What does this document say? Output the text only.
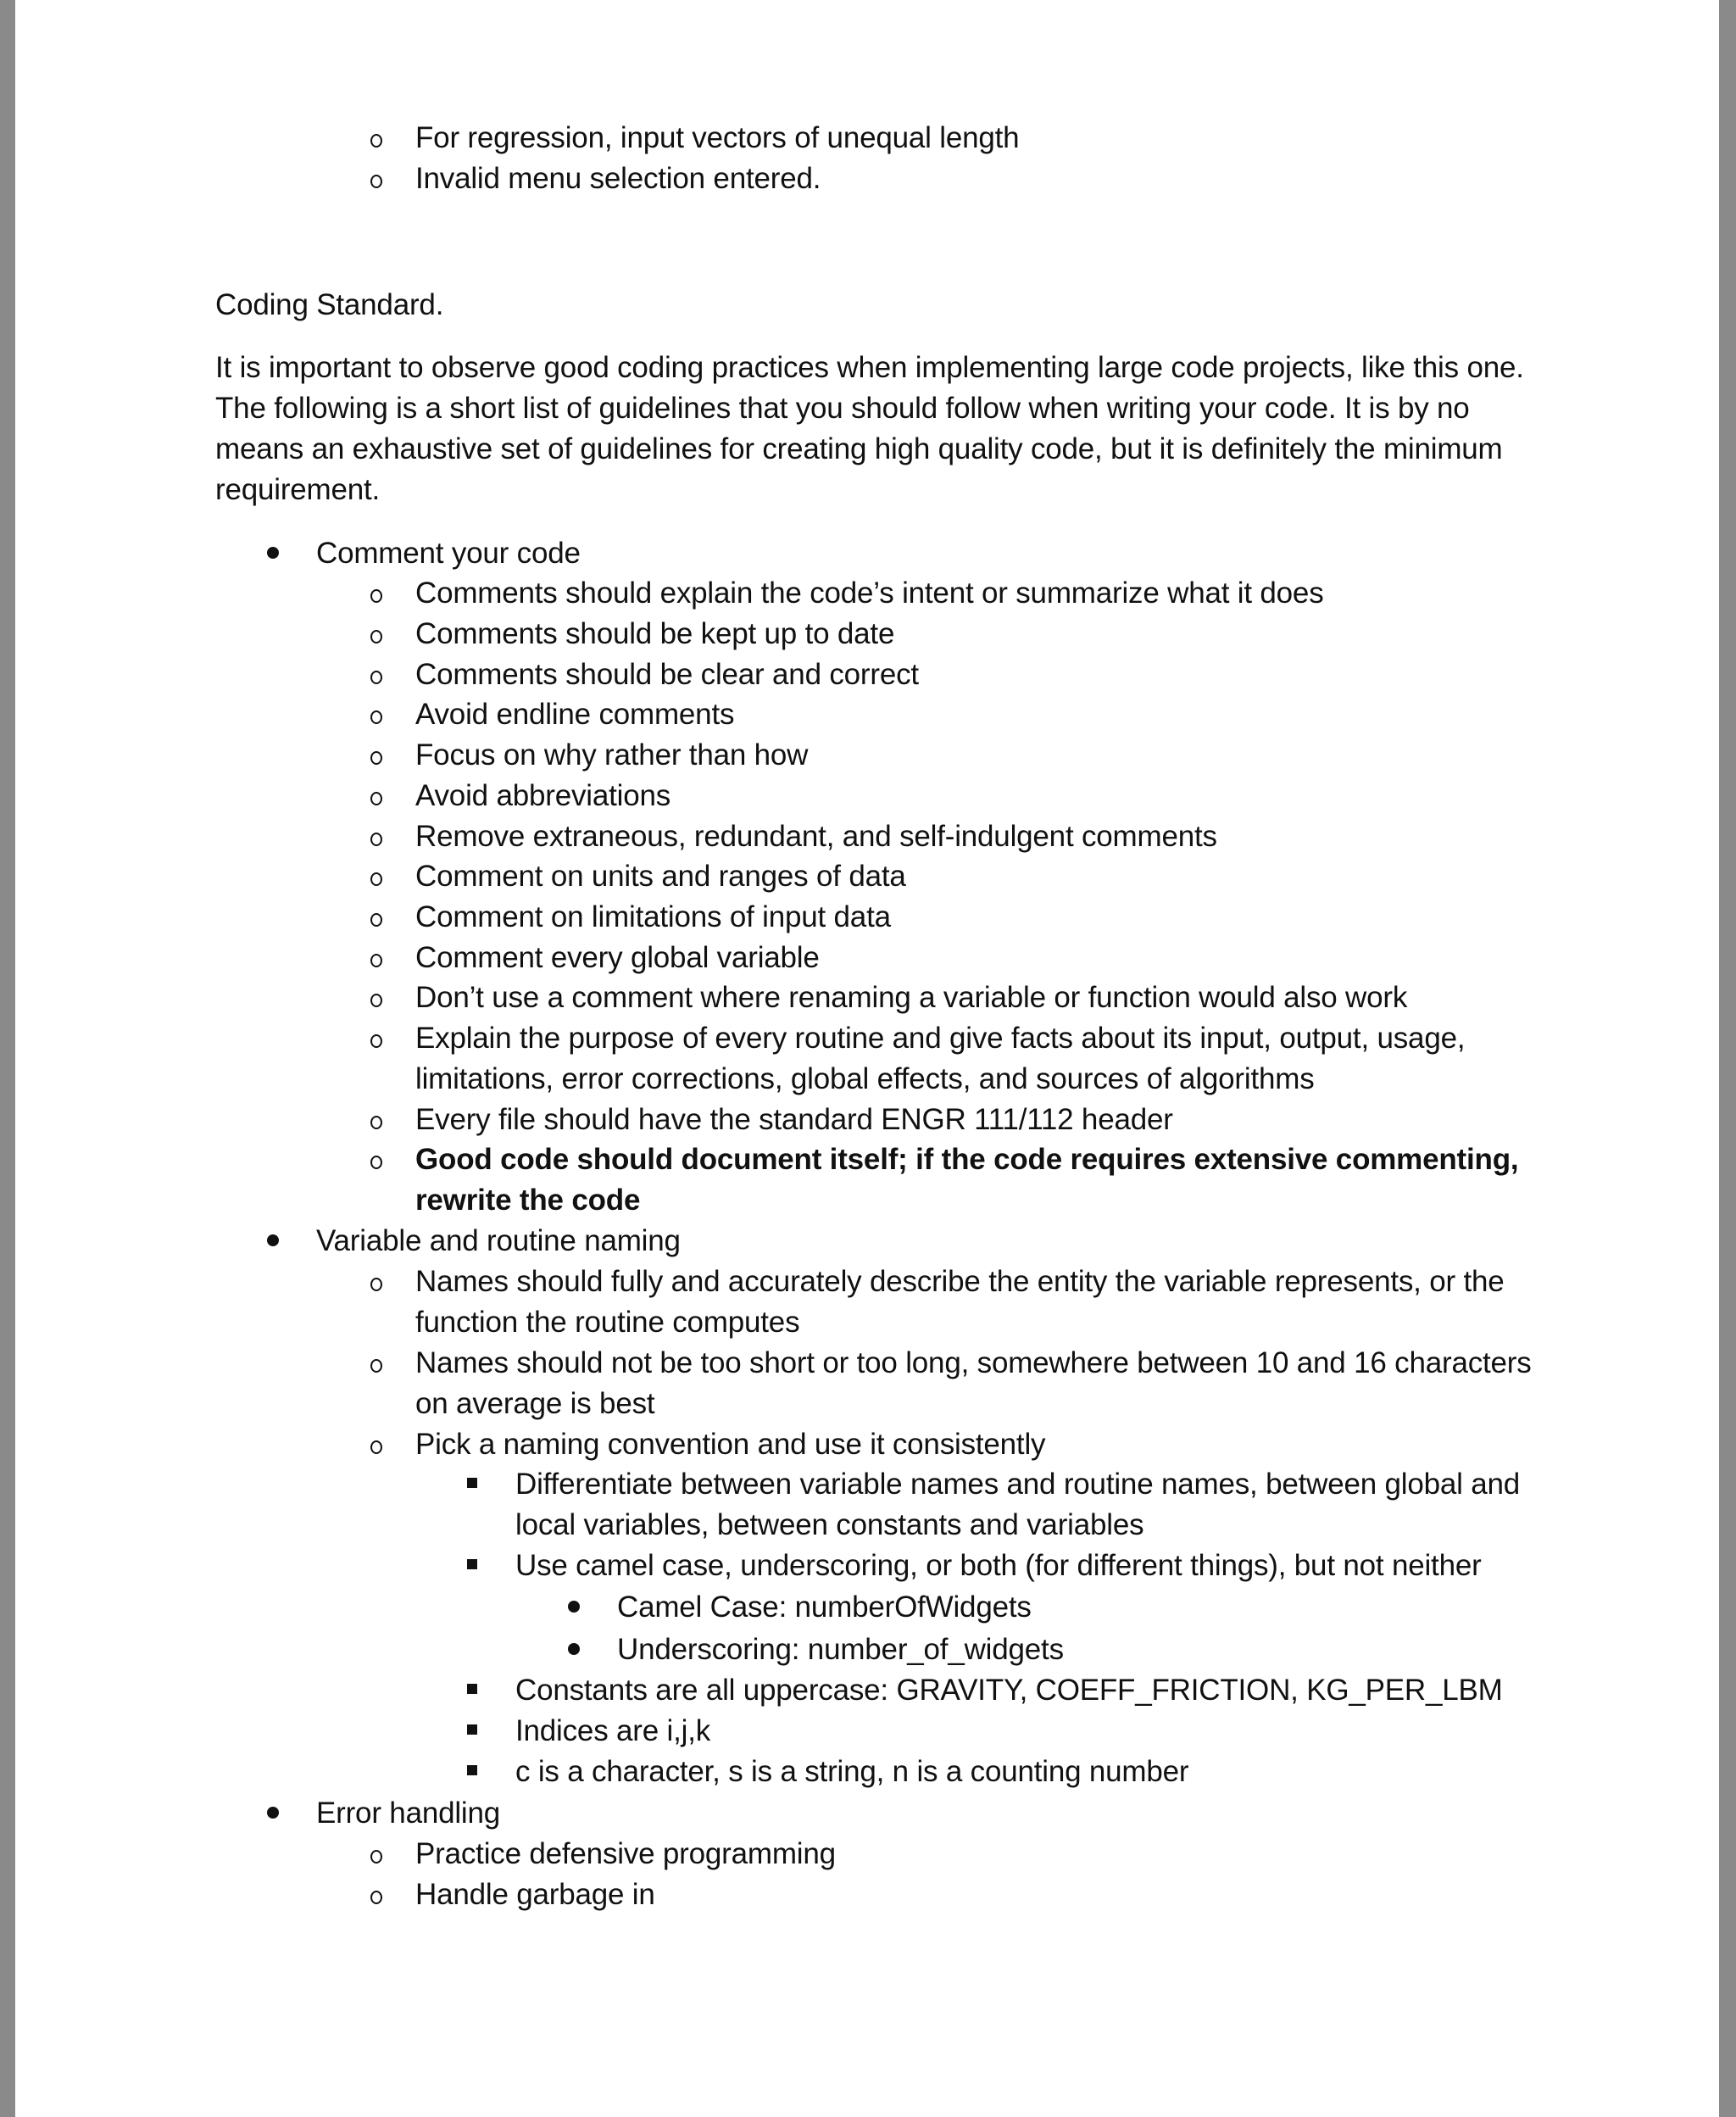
For regression, input vectors of unequal length
Invalid menu selection entered.
Coding Standard.
It is important to observe good coding practices when implementing large code projects, like this one.
The following is a short list of guidelines that you should follow when writing your code. It is by no
means an exhaustive set of guidelines for creating high quality code, but it is definitely the minimum
requirement.
Comment your code
Comments should explain the code’s intent or summarize what it does
Comments should be kept up to date
Comments should be clear and correct
Avoid endline comments
Focus on why rather than how
Avoid abbreviations
Remove extraneous, redundant, and self-indulgent comments
Comment on units and ranges of data
Comment on limitations of input data
Comment every global variable
Don’t use a comment where renaming a variable or function would also work
Explain the purpose of every routine and give facts about its input, output, usage,
limitations, error corrections, global effects, and sources of algorithms
Every file should have the standard ENGR 111/112 header
Good code should document itself; if the code requires extensive commenting,
rewrite the code
Variable and routine naming
Names should fully and accurately describe the entity the variable represents, or the
function the routine computes
Names should not be too short or too long, somewhere between 10 and 16 characters
on average is best
Pick a naming convention and use it consistently
Differentiate between variable names and routine names, between global and
local variables, between constants and variables
Use camel case, underscoring, or both (for different things), but not neither
Camel Case: numberOfWidgets
Underscoring: number_of_widgets
Constants are all uppercase: GRAVITY, COEFF_FRICTION, KG_PER_LBM
Indices are i,j,k
c is a character, s is a string, n is a counting number
Error handling
Practice defensive programming
Handle garbage in
